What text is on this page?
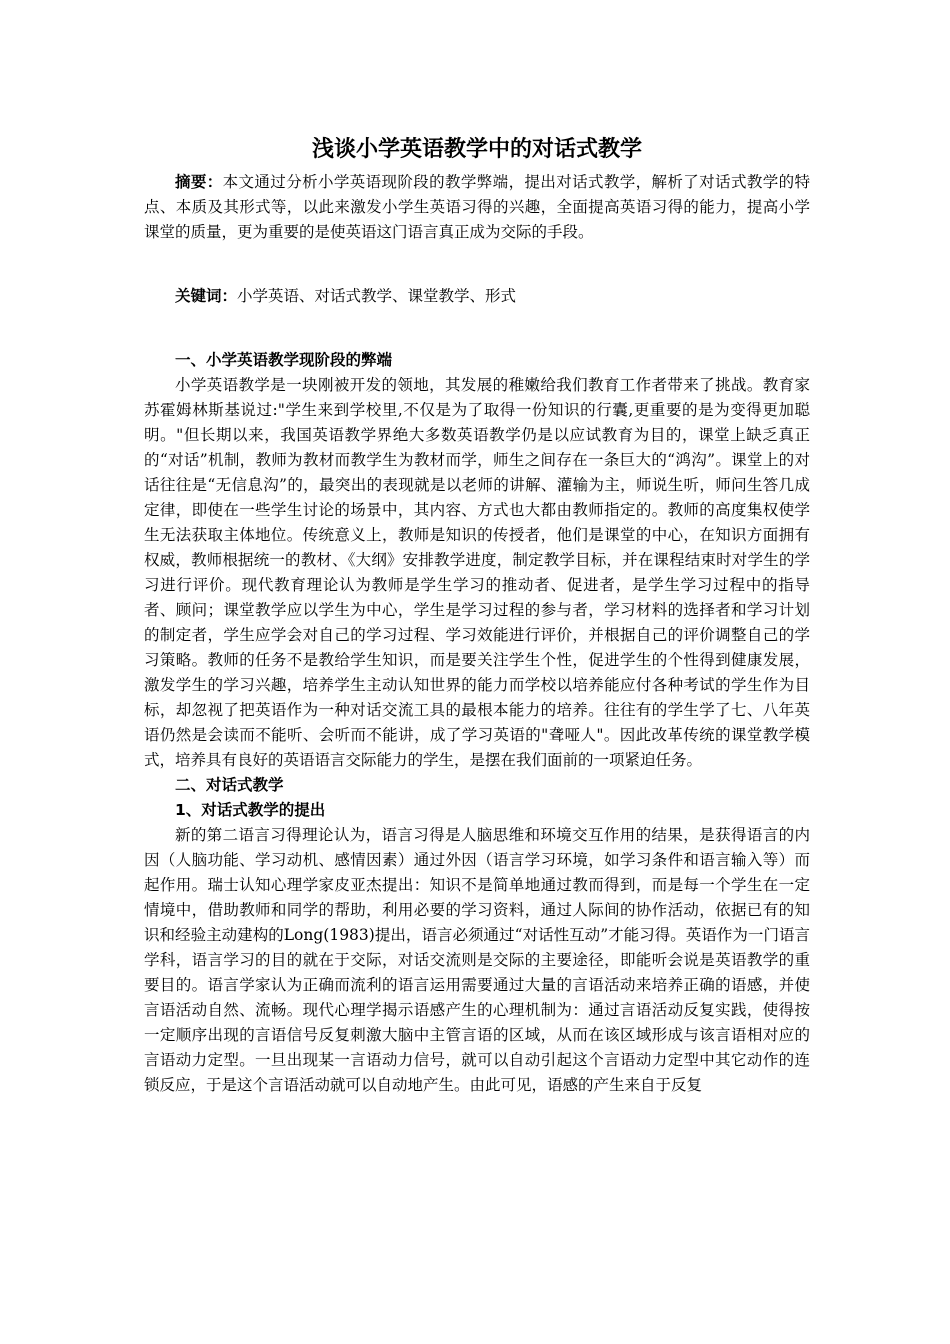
浅谈小学英语教学中的对话式教学

摘要：本文通过分析小学英语现阶段的教学弊端，提出对话式教学，解析了对话式教学的特点、本质及其形式等，以此来激发小学生英语习得的兴趣，全面提高英语习得的能力，提高小学课堂的质量，更为重要的是使英语这门语言真正成为交际的手段。

关键词：小学英语、对话式教学、课堂教学、形式

一、小学英语教学现阶段的弊端

小学英语教学是一块刚被开发的领地，其发展的稚嫩给我们教育工作者带来了挑战。教育家苏霍姆林斯基说过:"学生来到学校里,不仅是为了取得一份知识的行囊,更重要的是为变得更加聪明。"但长期以来，我国英语教学界绝大多数英语教学仍是以应试教育为目的，课堂上缺乏真正的“对话”机制，教师为教材而教学生为教材而学，师生之间存在一条巨大的“鸿沟”。课堂上的对话往往是“无信息沟”的，最突出的表现就是以老师的讲解、灌输为主，师说生听，师问生答几成定律，即使在一些学生讨论的场景中，其内容、方式也大都由教师指定的。教师的高度集权使学生无法获取主体地位。传统意义上，教师是知识的传授者，他们是课堂的中心，在知识方面拥有权威，教师根据统一的教材、《大纲》安排教学进度，制定教学目标，并在课程结束时对学生的学习进行评价。现代教育理论认为教师是学生学习的推动者、促进者，是学生学习过程中的指导者、顾问；课堂教学应以学生为中心，学生是学习过程的参与者，学习材料的选择者和学习计划的制定者，学生应学会对自己的学习过程、学习效能进行评价，并根据自己的评价调整自己的学习策略。教师的任务不是教给学生知识，而是要关注学生个性，促进学生的个性得到健康发展，激发学生的学习兴趣，培养学生主动认知世界的能力而学校以培养能应付各种考试的学生作为目标，却忽视了把英语作为一种对话交流工具的最根本能力的培养。往往有的学生学了七、八年英语仍然是会读而不能听、会听而不能讲，成了学习英语的"聋哑人"。因此改革传统的课堂教学模式，培养具有良好的英语语言交际能力的学生，是摆在我们面前的一项紧迫任务。

二、对话式教学

1、对话式教学的提出

新的第二语言习得理论认为，语言习得是人脑思维和环境交互作用的结果，是获得语言的内因（人脑功能、学习动机、感情因素）通过外因（语言学习环境，如学习条件和语言输入等）而起作用。瑞士认知心理学家皮亚杰提出：知识不是简单地通过教而得到，而是每一个学生在一定情境中，借助教师和同学的帮助，利用必要的学习资料，通过人际间的协作活动，依据已有的知识和经验主动建构的Long(1983)提出，语言必须通过“对话性互动”才能习得。英语作为一门语言学科，语言学习的目的就在于交际，对话交流则是交际的主要途径，即能听会说是英语教学的重要目的。语言学家认为正确而流利的语言运用需要通过大量的言语活动来培养正确的语感，并使言语活动自然、流畅。现代心理学揭示语感产生的心理机制为：通过言语活动反复实践，使得按一定顺序出现的言语信号反复刺激大脑中主管言语的区域，从而在该区域形成与该言语相对应的言语动力定型。一旦出现某一言语动力信号，就可以自动引起这个言语动力定型中其它动作的连锁反应，于是这个言语活动就可以自动地产生。由此可见，语感的产生来自于反复
